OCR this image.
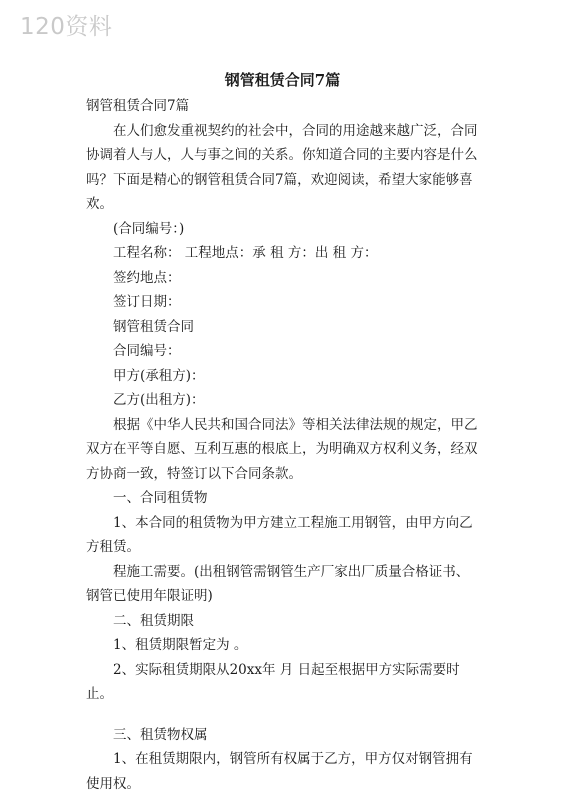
120资料
钢管租赁合同7篇

钢管租赁合同7篇

在人们愈发重视契约的社会中，合同的用途越来越广泛，合同协调着人与人，人与事之间的关系。你知道合同的主要内容是什么吗？下面是精心的钢管租赁合同7篇，欢迎阅读，希望大家能够喜欢。

(合同编号：)

工程名称： 工程地点：承 租 方：出 租 方：

签约地点：

签订日期：

钢管租赁合同

合同编号：

甲方(承租方)：

乙方(出租方)：

根据《中华人民共和国合同法》等相关法律法规的规定，甲乙双方在平等自愿、互利互惠的根底上，为明确双方权利义务，经双方协商一致，特签订以下合同条款。

一、合同租赁物

1、本合同的租赁物为甲方建立工程施工用钢管，由甲方向乙方租赁。

程施工需要。(出租钢管需钢管生产厂家出厂质量合格证书、钢管已使用年限证明)

二、租赁期限

1、租赁期限暂定为 。

2、实际租赁期限从20xx年 月 日起至根据甲方实际需要时止。

三、租赁物权属

1、在租赁期限内，钢管所有权属于乙方，甲方仅对钢管拥有使用权。
